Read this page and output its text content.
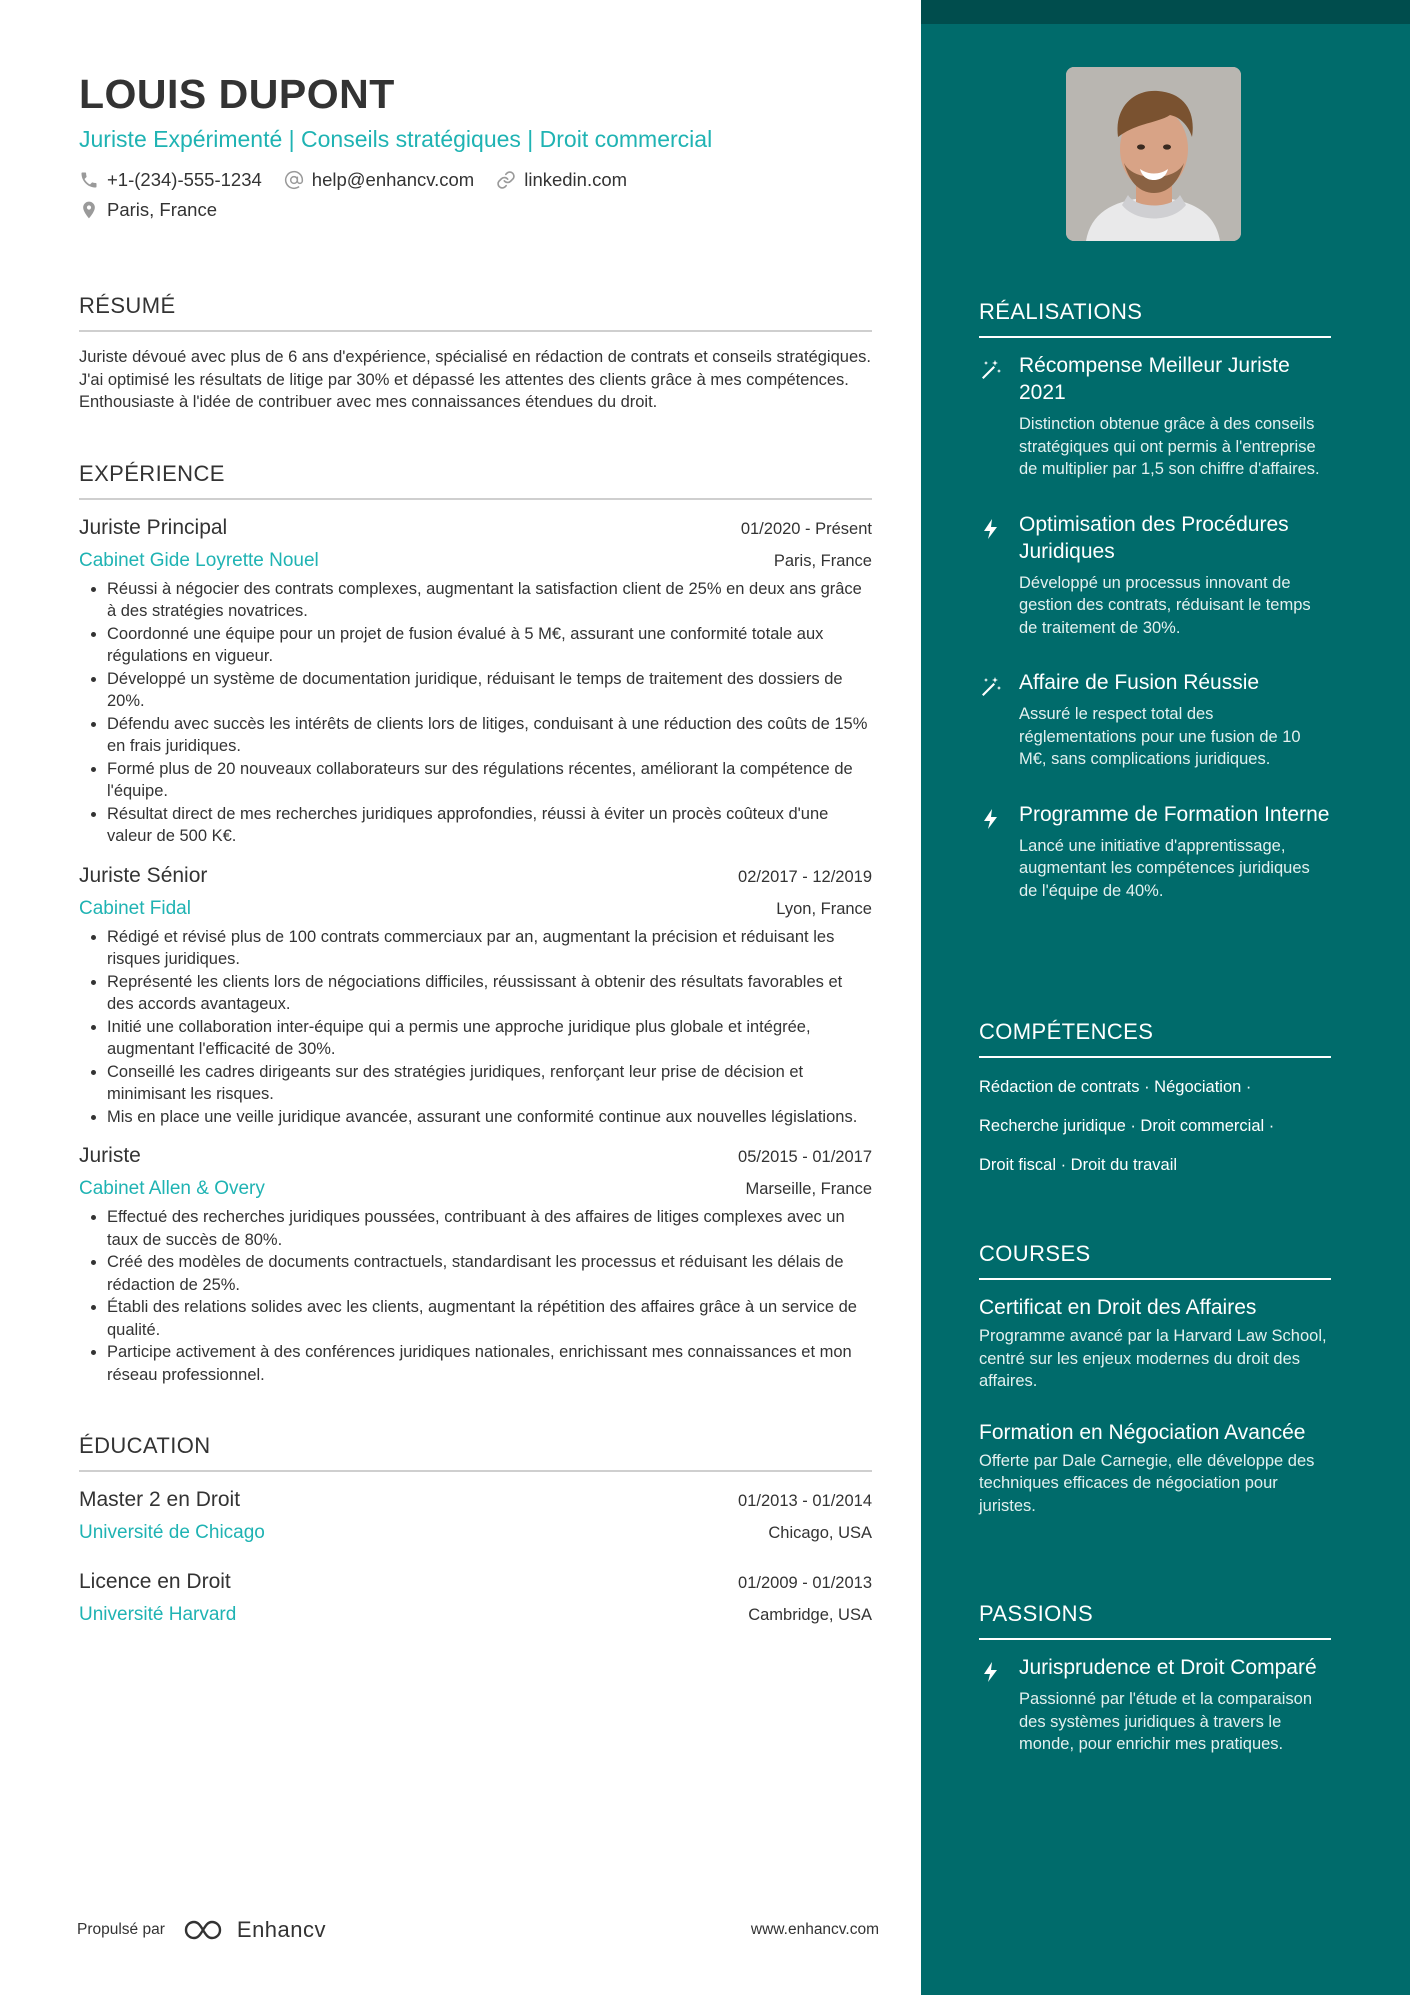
LOUIS DUPONT
Juriste Expérimenté | Conseils stratégiques | Droit commercial
+1-(234)-555-1234	help@enhancv.com	linkedin.com
Paris, France
RÉSUMÉ
Juriste dévoué avec plus de 6 ans d'expérience, spécialisé en rédaction de contrats et conseils stratégiques. J'ai optimisé les résultats de litige par 30% et dépassé les attentes des clients grâce à mes compétences. Enthousiaste à l'idée de contribuer avec mes connaissances étendues du droit.
EXPÉRIENCE
Juriste Principal	01/2020 - Présent
Cabinet Gide Loyrette Nouel	Paris, France
• Réussi à négocier des contrats complexes, augmentant la satisfaction client de 25% en deux ans grâce à des stratégies novatrices.
• Coordonné une équipe pour un projet de fusion évalué à 5 M€, assurant une conformité totale aux régulations en vigueur.
• Développé un système de documentation juridique, réduisant le temps de traitement des dossiers de 20%.
• Défendu avec succès les intérêts de clients lors de litiges, conduisant à une réduction des coûts de 15% en frais juridiques.
• Formé plus de 20 nouveaux collaborateurs sur des régulations récentes, améliorant la compétence de l'équipe.
• Résultat direct de mes recherches juridiques approfondies, réussi à éviter un procès coûteux d'une valeur de 500 K€.
Juriste Sénior	02/2017 - 12/2019
Cabinet Fidal	Lyon, France
• Rédigé et révisé plus de 100 contrats commerciaux par an, augmentant la précision et réduisant les risques juridiques.
• Représenté les clients lors de négociations difficiles, réussissant à obtenir des résultats favorables et des accords avantageux.
• Initié une collaboration inter-équipe qui a permis une approche juridique plus globale et intégrée, augmentant l'efficacité de 30%.
• Conseillé les cadres dirigeants sur des stratégies juridiques, renforçant leur prise de décision et minimisant les risques.
• Mis en place une veille juridique avancée, assurant une conformité continue aux nouvelles législations.
Juriste	05/2015 - 01/2017
Cabinet Allen & Overy	Marseille, France
• Effectué des recherches juridiques poussées, contribuant à des affaires de litiges complexes avec un taux de succès de 80%.
• Créé des modèles de documents contractuels, standardisant les processus et réduisant les délais de rédaction de 25%.
• Établi des relations solides avec les clients, augmentant la répétition des affaires grâce à un service de qualité.
• Participe activement à des conférences juridiques nationales, enrichissant mes connaissances et mon réseau professionnel.
ÉDUCATION
Master 2 en Droit	01/2013 - 01/2014
Université de Chicago	Chicago, USA
Licence en Droit	01/2009 - 01/2013
Université Harvard	Cambridge, USA
Propulsé par	Enhancv	www.enhancv.com
RÉALISATIONS
Récompense Meilleur Juriste 2021
Distinction obtenue grâce à des conseils stratégiques qui ont permis à l'entreprise de multiplier par 1,5 son chiffre d'affaires.
Optimisation des Procédures Juridiques
Développé un processus innovant de gestion des contrats, réduisant le temps de traitement de 30%.
Affaire de Fusion Réussie
Assuré le respect total des réglementations pour une fusion de 10 M€, sans complications juridiques.
Programme de Formation Interne
Lancé une initiative d'apprentissage, augmentant les compétences juridiques de l'équipe de 40%.
COMPÉTENCES
Rédaction de contrats · Négociation ·
Recherche juridique · Droit commercial ·
Droit fiscal · Droit du travail
COURSES
Certificat en Droit des Affaires
Programme avancé par la Harvard Law School, centré sur les enjeux modernes du droit des affaires.
Formation en Négociation Avancée
Offerte par Dale Carnegie, elle développe des techniques efficaces de négociation pour juristes.
PASSIONS
Jurisprudence et Droit Comparé
Passionné par l'étude et la comparaison des systèmes juridiques à travers le monde, pour enrichir mes pratiques.
